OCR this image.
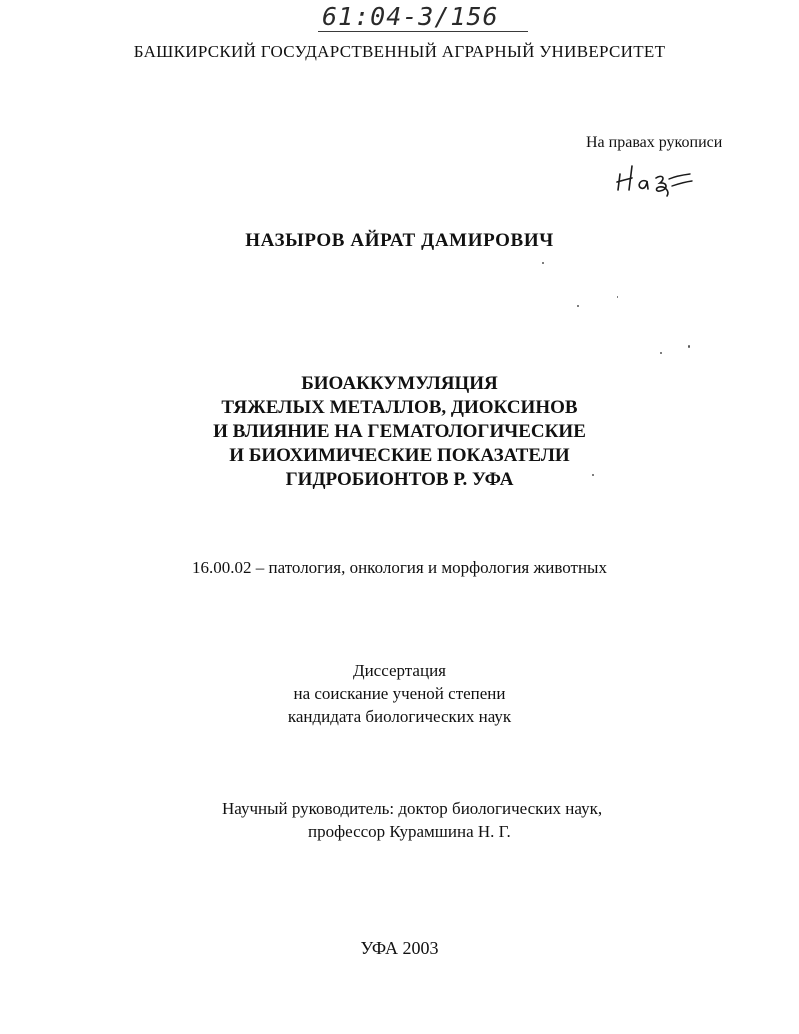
61:04-3/156
БАШКИРСКИЙ ГОСУДАРСТВЕННЫЙ АГРАРНЫЙ УНИВЕРСИТЕТ
На правах рукописи
НАЗЫРОВ АЙРАТ ДАМИРОВИЧ
БИОАККУМУЛЯЦИЯ
ТЯЖЕЛЫХ МЕТАЛЛОВ, ДИОКСИНОВ
И ВЛИЯНИЕ НА ГЕМАТОЛОГИЧЕСКИЕ
И БИОХИМИЧЕСКИЕ ПОКАЗАТЕЛИ
ГИДРОБИОНТОВ Р. УФА
16.00.02 – патология, онкология и морфология животных
Диссертация
на соискание ученой степени
кандидата биологических наук
Научный руководитель: доктор биологических наук,
профессор Курамшина Н. Г.
УФА 2003
